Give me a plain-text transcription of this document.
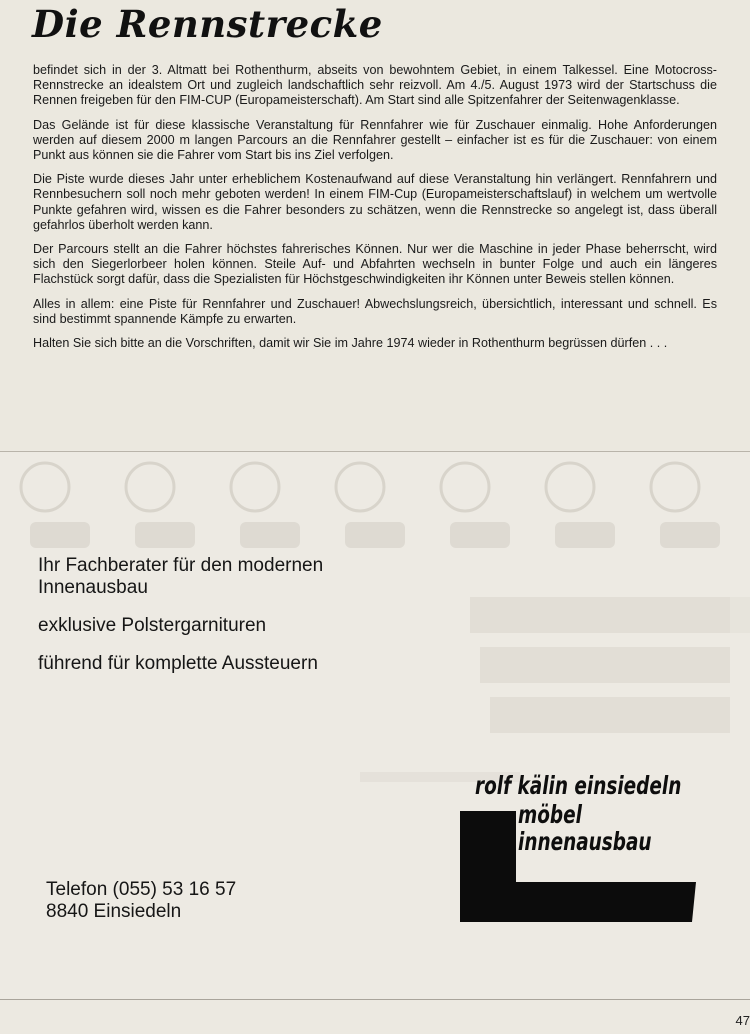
Die Rennstrecke

befindet sich in der 3. Altmatt bei Rothenthurm, abseits von bewohntem Gebiet, in einem Talkessel. Eine Motocross-Rennstrecke an idealstem Ort und zugleich landschaftlich sehr reizvoll. Am 4./5. August 1973 wird der Startschuss die Rennen freigeben für den FIM-CUP (Europameisterschaft). Am Start sind alle Spitzenfahrer der Seitenwagenklasse.

Das Gelände ist für diese klassische Veranstaltung für Rennfahrer wie für Zuschauer einmalig. Hohe Anforderungen werden auf diesem 2000 m langen Parcours an die Rennfahrer gestellt – einfacher ist es für die Zuschauer: von einem Punkt aus können sie die Fahrer vom Start bis ins Ziel verfolgen.

Die Piste wurde dieses Jahr unter erheblichem Kostenaufwand auf diese Veranstaltung hin verlängert. Rennfahrern und Rennbesuchern soll noch mehr geboten werden! In einem FIM-Cup (Europameisterschaftslauf) in welchem um wertvolle Punkte gefahren wird, wissen es die Fahrer besonders zu schätzen, wenn die Rennstrecke so angelegt ist, dass überall gefahrlos überholt werden kann.

Der Parcours stellt an die Fahrer höchstes fahrerisches Können. Nur wer die Maschine in jeder Phase beherrscht, wird sich den Siegerlorbeer holen können. Steile Auf- und Abfahrten wechseln in bunter Folge und auch ein längeres Flachstück sorgt dafür, dass die Spezialisten für Höchstgeschwindigkeiten ihr Können unter Beweis stellen können.

Alles in allem: eine Piste für Rennfahrer und Zuschauer! Abwechslungsreich, übersichtlich, interessant und schnell. Es sind bestimmt spannende Kämpfe zu erwarten.

Halten Sie sich bitte an die Vorschriften, damit wir Sie im Jahre 1974 wieder in Rothenthurm begrüssen dürfen . . .

Ihr Fachberater für den modernen Innenausbau

exklusive Polstergarnituren

führend für komplette Aussteuern

Telefon (055) 53 16 57
8840 Einsiedeln
rolf kälin einsiedeln
möbel
innenausbau
47
